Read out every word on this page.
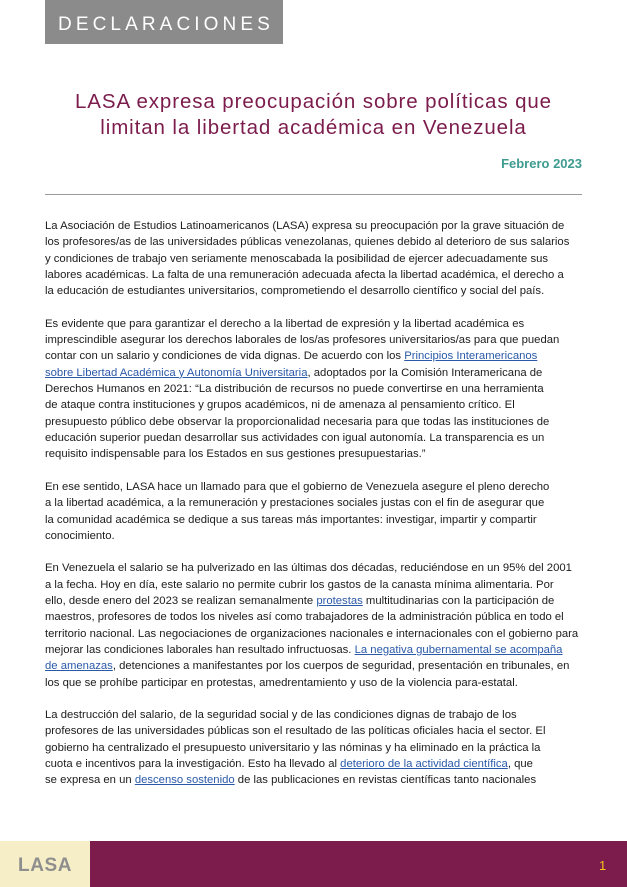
DECLARACIONES
LASA expresa preocupación sobre políticas que
limitan la libertad académica en Venezuela
Febrero 2023
La Asociación de Estudios Latinoamericanos (LASA) expresa su preocupación por la grave situación de
los profesores/as de las universidades públicas venezolanas, quienes debido al deterioro de sus salarios
y condiciones de trabajo ven seriamente menoscabada la posibilidad de ejercer adecuadamente sus
labores académicas. La falta de una remuneración adecuada afecta la libertad académica, el derecho a
la educación de estudiantes universitarios, comprometiendo el desarrollo científico y social del país.
Es evidente que para garantizar el derecho a la libertad de expresión y la libertad académica es
imprescindible asegurar los derechos laborales de los/as profesores universitarios/as para que puedan
contar con un salario y condiciones de vida dignas. De acuerdo con los Principios Interamericanos
sobre Libertad Académica y Autonomía Universitaria, adoptados por la Comisión Interamericana de
Derechos Humanos en 2021: “La distribución de recursos no puede convertirse en una herramienta
de ataque contra instituciones y grupos académicos, ni de amenaza al pensamiento crítico. El
presupuesto público debe observar la proporcionalidad necesaria para que todas las instituciones de
educación superior puedan desarrollar sus actividades con igual autonomía. La transparencia es un
requisito indispensable para los Estados en sus gestiones presupuestarias.”
En ese sentido, LASA hace un llamado para que el gobierno de Venezuela asegure el pleno derecho
a la libertad académica, a la remuneración y prestaciones sociales justas con el fin de asegurar que
la comunidad académica se dedique a sus tareas más importantes: investigar, impartir y compartir
conocimiento.
En Venezuela el salario se ha pulverizado en las últimas dos décadas, reduciéndose en un 95% del 2001
a la fecha. Hoy en día, este salario no permite cubrir los gastos de la canasta mínima alimentaria. Por
ello, desde enero del 2023 se realizan semanalmente protestas multitudinarias con la participación de
maestros, profesores de todos los niveles así como trabajadores de la administración pública en todo el
territorio nacional. Las negociaciones de organizaciones nacionales e internacionales con el gobierno para
mejorar las condiciones laborales han resultado infructuosas. La negativa gubernamental se acompaña
de amenazas, detenciones a manifestantes por los cuerpos de seguridad, presentación en tribunales, en
los que se prohíbe participar en protestas, amedrentamiento y uso de la violencia para-estatal.
La destrucción del salario, de la seguridad social y de las condiciones dignas de trabajo de los
profesores de las universidades públicas son el resultado de las políticas oficiales hacia el sector. El
gobierno ha centralizado el presupuesto universitario y las nóminas y ha eliminado en la práctica la
cuota e incentivos para la investigación. Esto ha llevado al deterioro de la actividad científica, que
se expresa en un descenso sostenido de las publicaciones en revistas científicas tanto nacionales
LASA	1
